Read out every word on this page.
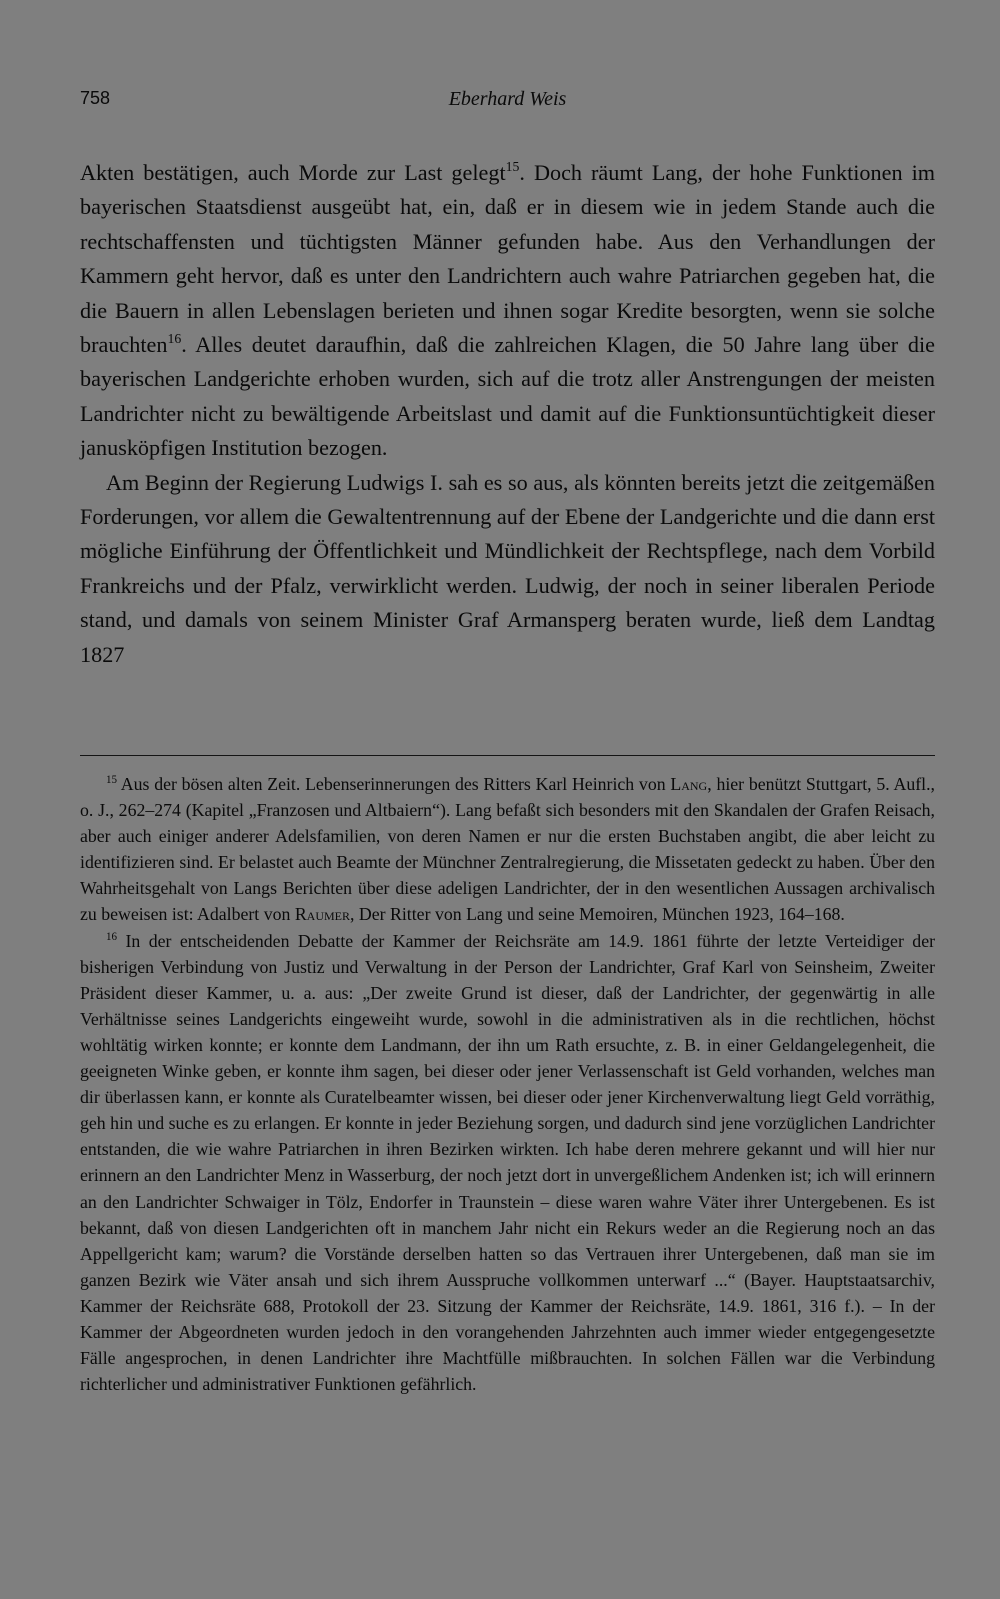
758	Eberhard Weis

Akten bestätigen, auch Morde zur Last gelegt$^{15}$. Doch räumt Lang, der hohe Funktionen im bayerischen Staatsdienst ausgeübt hat, ein, daß er in diesem wie in jedem Stande auch die rechtschaffensten und tüchtigsten Männer gefunden habe. Aus den Verhandlungen der Kammern geht hervor, daß es unter den Landrichtern auch wahre Patriarchen gegeben hat, die die Bauern in allen Lebenslagen berieten und ihnen sogar Kredite besorgten, wenn sie solche brauchten$^{16}$. Alles deutet daraufhin, daß die zahlreichen Klagen, die 50 Jahre lang über die bayerischen Landgerichte erhoben wurden, sich auf die trotz aller Anstrengungen der meisten Landrichter nicht zu bewältigende Arbeitslast und damit auf die Funktionsuntüchtigkeit dieser janusköpfigen Institution bezogen.

Am Beginn der Regierung Ludwigs I. sah es so aus, als könnten bereits jetzt die zeitgemäßen Forderungen, vor allem die Gewaltentrennung auf der Ebene der Landgerichte und die dann erst mögliche Einführung der Öffentlichkeit und Mündlichkeit der Rechtspflege, nach dem Vorbild Frankreichs und der Pfalz, verwirklicht werden. Ludwig, der noch in seiner liberalen Periode stand, und damals von seinem Minister Graf Armansperg beraten wurde, ließ dem Landtag 1827

$^{15}$ Aus der bösen alten Zeit. Lebenserinnerungen des Ritters Karl Heinrich von Lang, hier benützt Stuttgart, 5. Aufl., o. J., 262–274 (Kapitel „Franzosen und Altbaiern“). Lang befaßt sich besonders mit den Skandalen der Grafen Reisach, aber auch einiger anderer Adelsfamilien, von deren Namen er nur die ersten Buchstaben angibt, die aber leicht zu identifizieren sind. Er belastet auch Beamte der Münchner Zentralregierung, die Missetaten gedeckt zu haben. Über den Wahrheitsgehalt von Langs Berichten über diese adeligen Landrichter, der in den wesentlichen Aussagen archivalisch zu beweisen ist: Adalbert von Raumer, Der Ritter von Lang und seine Memoiren, München 1923, 164–168.

$^{16}$ In der entscheidenden Debatte der Kammer der Reichsräte am 14.9. 1861 führte der letzte Verteidiger der bisherigen Verbindung von Justiz und Verwaltung in der Person der Landrichter, Graf Karl von Seinsheim, Zweiter Präsident dieser Kammer, u. a. aus: „Der zweite Grund ist dieser, daß der Landrichter, der gegenwärtig in alle Verhältnisse seines Landgerichts eingeweiht wurde, sowohl in die administrativen als in die rechtlichen, höchst wohltätig wirken konnte; er konnte dem Landmann, der ihn um Rath ersuchte, z. B. in einer Geldangelegenheit, die geeigneten Winke geben, er konnte ihm sagen, bei dieser oder jener Verlassenschaft ist Geld vorhanden, welches man dir überlassen kann, er konnte als Curatelbeamter wissen, bei dieser oder jener Kirchenverwaltung liegt Geld vorräthig, geh hin und suche es zu erlangen. Er konnte in jeder Beziehung sorgen, und dadurch sind jene vorzüglichen Landrichter entstanden, die wie wahre Patriarchen in ihren Bezirken wirkten. Ich habe deren mehrere gekannt und will hier nur erinnern an den Landrichter Menz in Wasserburg, der noch jetzt dort in unvergeßlichem Andenken ist; ich will erinnern an den Landrichter Schwaiger in Tölz, Endorfer in Traunstein – diese waren wahre Väter ihrer Untergebenen. Es ist bekannt, daß von diesen Landgerichten oft in manchem Jahr nicht ein Rekurs weder an die Regierung noch an das Appellgericht kam; warum? die Vorstände derselben hatten so das Vertrauen ihrer Untergebenen, daß man sie im ganzen Bezirk wie Väter ansah und sich ihrem Ausspruche vollkommen unterwarf ...“ (Bayer. Hauptstaatsarchiv, Kammer der Reichsräte 688, Protokoll der 23. Sitzung der Kammer der Reichsräte, 14.9. 1861, 316 f.). – In der Kammer der Abgeordneten wurden jedoch in den vorangehenden Jahrzehnten auch immer wieder entgegengesetzte Fälle angesprochen, in denen Landrichter ihre Machtfülle mißbrauchten. In solchen Fällen war die Verbindung richterlicher und administrativer Funktionen gefährlich.
